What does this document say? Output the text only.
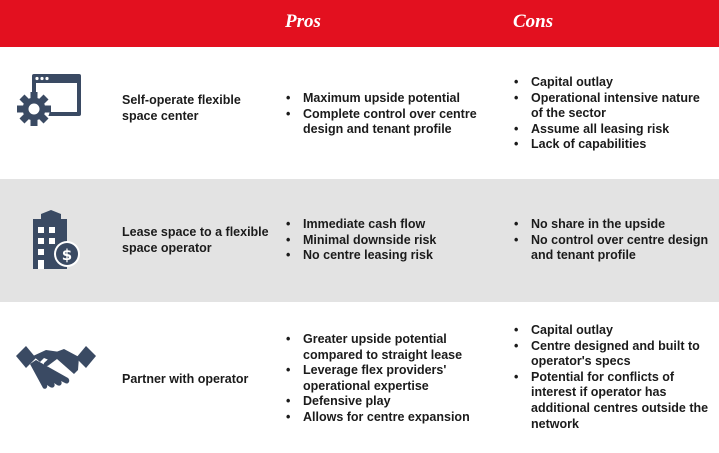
Pros	Cons
Self-operate flexible space center
• Maximum upside potential
• Complete control over centre design and tenant profile
• Capital outlay
• Operational intensive nature of the sector
• Assume all leasing risk
• Lack of capabilities
$
Lease space to a flexible space operator
• Immediate cash flow
• Minimal downside risk
• No centre leasing risk
• No share in the upside
• No control over centre design and tenant profile
Partner with operator
• Greater upside potential compared to straight lease
• Leverage flex providers' operational expertise
• Defensive play
• Allows for centre expansion
• Capital outlay
• Centre designed and built to operator's specs
• Potential for conflicts of interest if operator has additional centres outside the network
